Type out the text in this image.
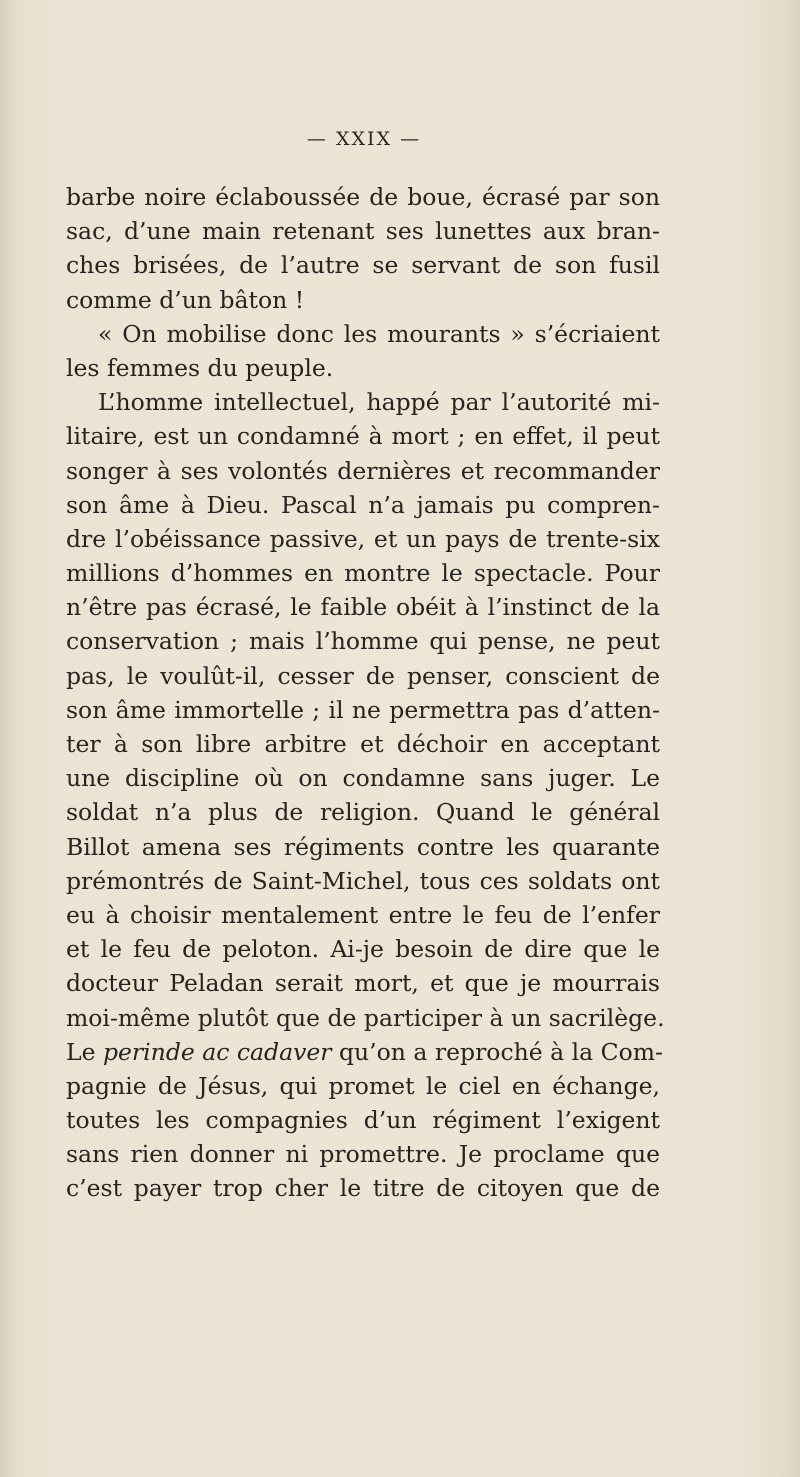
— XXIX —
barbe noire éclaboussée de boue, écrasé par son
sac, d’une main retenant ses lunettes aux bran-
ches brisées, de l’autre se servant de son fusil
comme d’un bâton !
« On mobilise donc les mourants » s’écriaient
les femmes du peuple.
L’homme intellectuel, happé par l’autorité mi-
litaire, est un condamné à mort ; en effet, il peut
songer à ses volontés dernières et recommander
son âme à Dieu. Pascal n’a jamais pu compren-
dre l’obéissance passive, et un pays de trente-six
millions d’hommes en montre le spectacle. Pour
n’être pas écrasé, le faible obéit à l’instinct de la
conservation ; mais l’homme qui pense, ne peut
pas, le voulût-il, cesser de penser, conscient de
son âme immortelle ; il ne permettra pas d’atten-
ter à son libre arbitre et déchoir en acceptant
une discipline où on condamne sans juger. Le
soldat n’a plus de religion. Quand le général
Billot amena ses régiments contre les quarante
prémontrés de Saint-Michel, tous ces soldats ont
eu à choisir mentalement entre le feu de l’enfer
et le feu de peloton. Ai-je besoin de dire que le
docteur Peladan serait mort, et que je mourrais
moi-même plutôt que de participer à un sacrilège.
Le perinde ac cadaver qu’on a reproché à la Com-
pagnie de Jésus, qui promet le ciel en échange,
toutes les compagnies d’un régiment l’exigent
sans rien donner ni promettre. Je proclame que
c’est payer trop cher le titre de citoyen que de
